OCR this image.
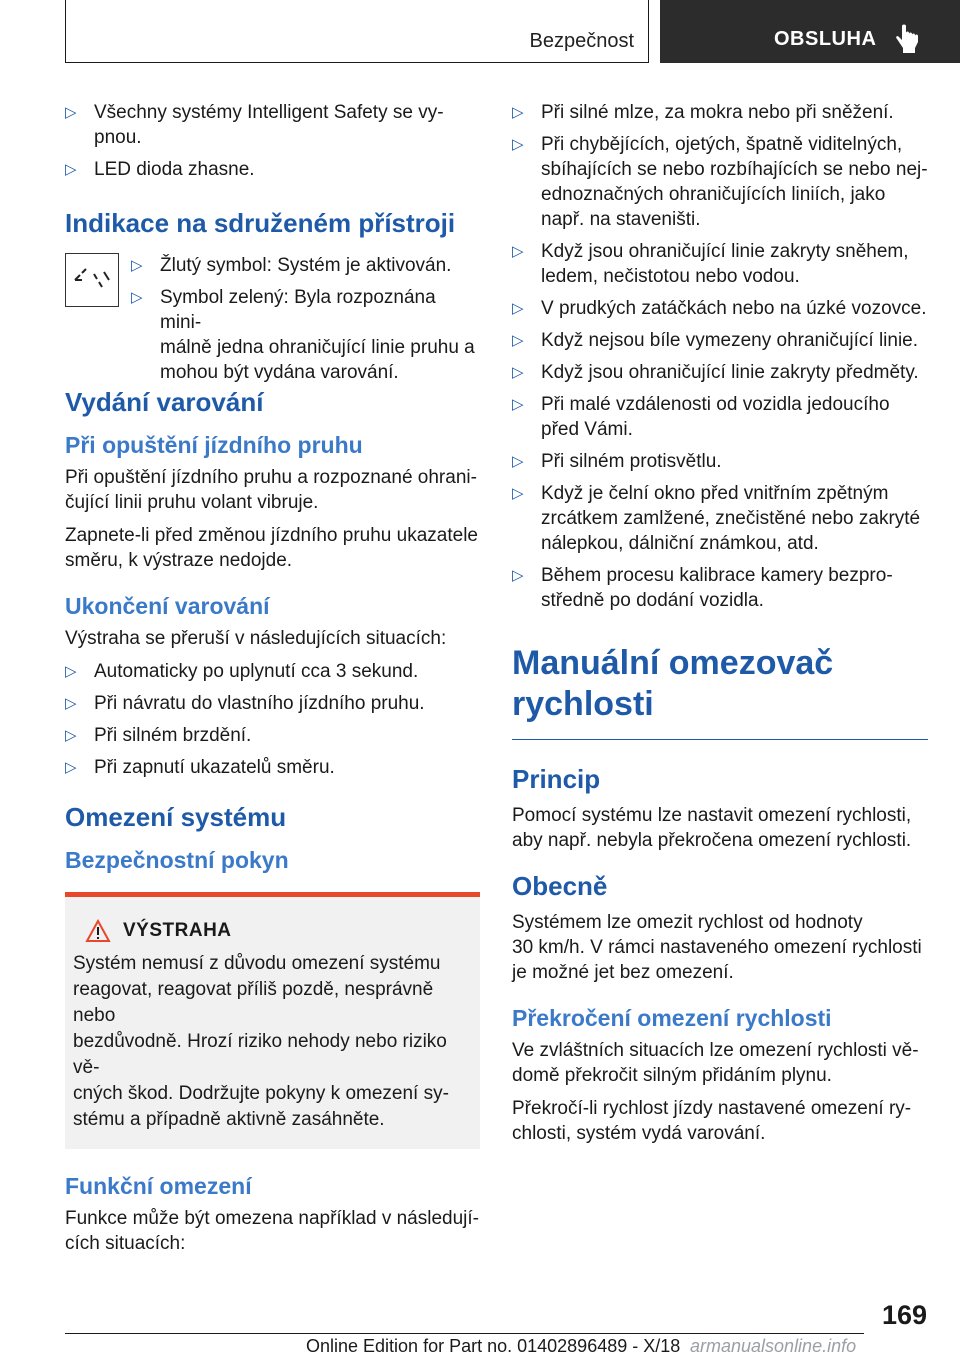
Bezpečnost	OBSLUHA
▷ Všechny systémy Intelligent Safety se vy-
pnou.
▷ LED dioda zhasne.
Indikace na sdruženém přístroji
▷ Žlutý symbol: Systém je aktivován.
▷ Symbol zelený: Byla rozpoznána mini-
málně jedna ohraničující linie pruhu a
mohou být vydána varování.
Vydání varování
Při opuštění jízdního pruhu
Při opuštění jízdního pruhu a rozpoznané ohrani-
čující linii pruhu volant vibruje.
Zapnete-li před změnou jízdního pruhu ukazatele
směru, k výstraze nedojde.
Ukončení varování
Výstraha se přeruší v následujících situacích:
▷ Automaticky po uplynutí cca 3 sekund.
▷ Při návratu do vlastního jízdního pruhu.
▷ Při silném brzdění.
▷ Při zapnutí ukazatelů směru.
Omezení systému
Bezpečnostní pokyn
VÝSTRAHA
Systém nemusí z důvodu omezení systému
reagovat, reagovat příliš pozdě, nesprávně nebo
bezdůvodně. Hrozí riziko nehody nebo riziko vě-
cných škod. Dodržujte pokyny k omezení sy-
stému a případně aktivně zasáhněte.
Funkční omezení
Funkce může být omezena například v následují-
cích situacích:
▷ Při silné mlze, za mokra nebo při sněžení.
▷ Při chybějících, ojetých, špatně viditelných,
sbíhajících se nebo rozbíhajících se nebo nej-
ednoznačných ohraničujících liniích, jako
např. na staveništi.
▷ Když jsou ohraničující linie zakryty sněhem,
ledem, nečistotou nebo vodou.
▷ V prudkých zatáčkách nebo na úzké vozovce.
▷ Když nejsou bíle vymezeny ohraničující linie.
▷ Když jsou ohraničující linie zakryty předměty.
▷ Při malé vzdálenosti od vozidla jedoucího
před Vámi.
▷ Při silném protisvětlu.
▷ Když je čelní okno před vnitřním zpětným
zrcátkem zamlžené, znečistěné nebo zakryté
nálepkou, dálniční známkou, atd.
▷ Během procesu kalibrace kamery bezpro-
středně po dodání vozidla.
Manuální omezovač
rychlosti
Princip
Pomocí systému lze nastavit omezení rychlosti,
aby např. nebyla překročena omezení rychlosti.
Obecně
Systémem lze omezit rychlost od hodnoty
30 km/h. V rámci nastaveného omezení rychlosti
je možné jet bez omezení.
Překročení omezení rychlosti
Ve zvláštních situacích lze omezení rychlosti vě-
domě překročit silným přidáním plynu.
Překročí-li rychlost jízdy nastavené omezení ry-
chlosti, systém vydá varování.
169
Online Edition for Part no. 01402896489 - X/18 armanualsonline.info
